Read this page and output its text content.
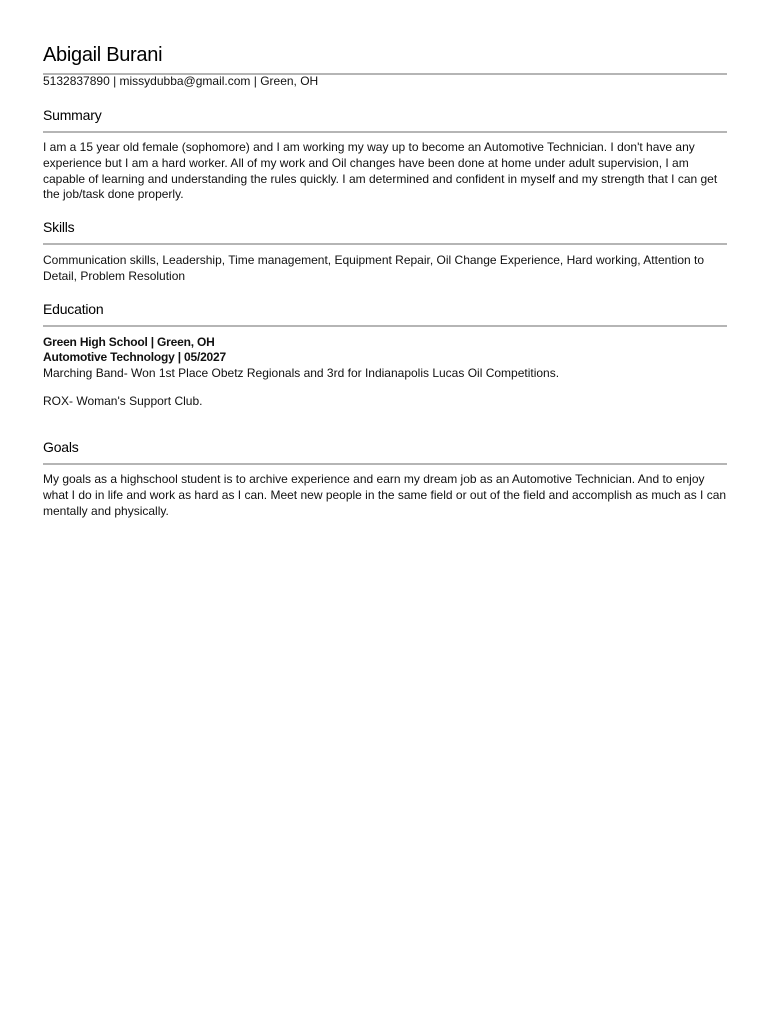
Abigail Burani
5132837890 | missydubba@gmail.com | Green, OH
Summary

I am a 15 year old female (sophomore) and I am working my way up to become an Automotive Technician. I don't have any experience but I am a hard worker. All of my work and Oil changes have been done at home under adult supervision, I am capable of learning and understanding the rules quickly. I am determined and confident in myself and my strength that I can get the job/task done properly.

Skills

Communication skills, Leadership, Time management, Equipment Repair, Oil Change Experience, Hard working, Attention to Detail, Problem Resolution

Education
Green High School | Green, OH
Automotive Technology | 05/2027
Marching Band- Won 1st Place Obetz Regionals and 3rd for Indianapolis Lucas Oil Competitions.
ROX- Woman's Support Club.
Goals

My goals as a highschool student is to archive experience and earn my dream job as an Automotive Technician. And to enjoy what I do in life and work as hard as I can. Meet new people in the same field or out of the field and accomplish as much as I can mentally and physically.
